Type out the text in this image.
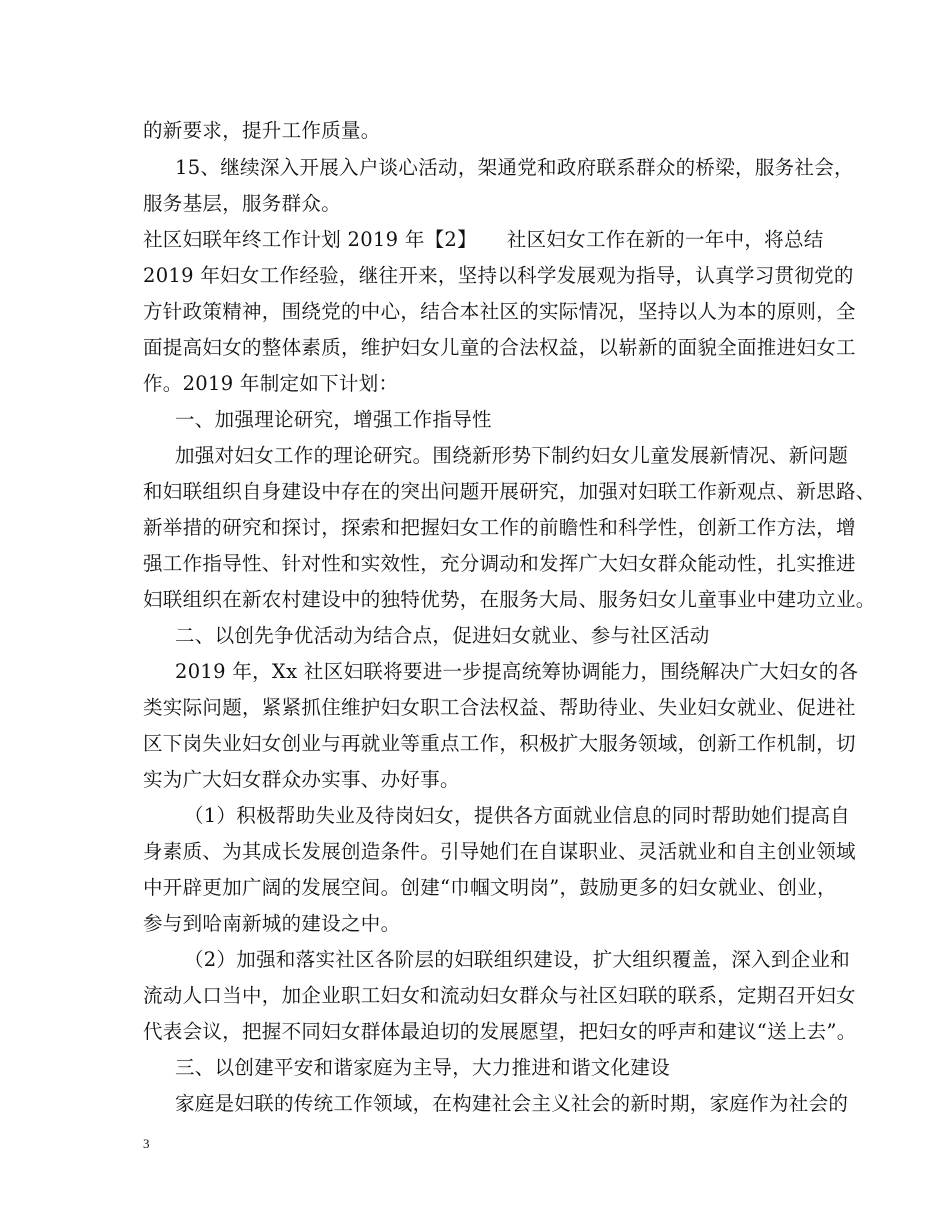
的新要求，提升工作质量。

15、继续深入开展入户谈心活动，架通党和政府联系群众的桥梁，服务社会，

服务基层，服务群众。

社区妇联年终工作计划 2019 年【2】　　社区妇女工作在新的一年中，将总结

2019 年妇女工作经验，继往开来，坚持以科学发展观为指导，认真学习贯彻党的

方针政策精神，围绕党的中心，结合本社区的实际情况，坚持以人为本的原则，全

面提高妇女的整体素质，维护妇女儿童的合法权益，以崭新的面貌全面推进妇女工

作。2019 年制定如下计划：

一、加强理论研究，增强工作指导性

加强对妇女工作的理论研究。围绕新形势下制约妇女儿童发展新情况、新问题

和妇联组织自身建设中存在的突出问题开展研究，加强对妇联工作新观点、新思路、

新举措的研究和探讨，探索和把握妇女工作的前瞻性和科学性，创新工作方法，增

强工作指导性、针对性和实效性，充分调动和发挥广大妇女群众能动性，扎实推进

妇联组织在新农村建设中的独特优势，在服务大局、服务妇女儿童事业中建功立业。

二、以创先争优活动为结合点，促进妇女就业、参与社区活动

2019 年，Xx 社区妇联将要进一步提高统筹协调能力，围绕解决广大妇女的各

类实际问题，紧紧抓住维护妇女职工合法权益、帮助待业、失业妇女就业、促进社

区下岗失业妇女创业与再就业等重点工作，积极扩大服务领域，创新工作机制，切

实为广大妇女群众办实事、办好事。

（1）积极帮助失业及待岗妇女，提供各方面就业信息的同时帮助她们提高自

身素质、为其成长发展创造条件。引导她们在自谋职业、灵活就业和自主创业领域

中开辟更加广阔的发展空间。创建“巾帼文明岗”，鼓励更多的妇女就业、创业，

参与到哈南新城的建设之中。

（2）加强和落实社区各阶层的妇联组织建设，扩大组织覆盖，深入到企业和

流动人口当中，加企业职工妇女和流动妇女群众与社区妇联的联系，定期召开妇女

代表会议，把握不同妇女群体最迫切的发展愿望，把妇女的呼声和建议“送上去”。

三、以创建平安和谐家庭为主导，大力推进和谐文化建设

家庭是妇联的传统工作领域，在构建社会主义社会的新时期，家庭作为社会的

3
